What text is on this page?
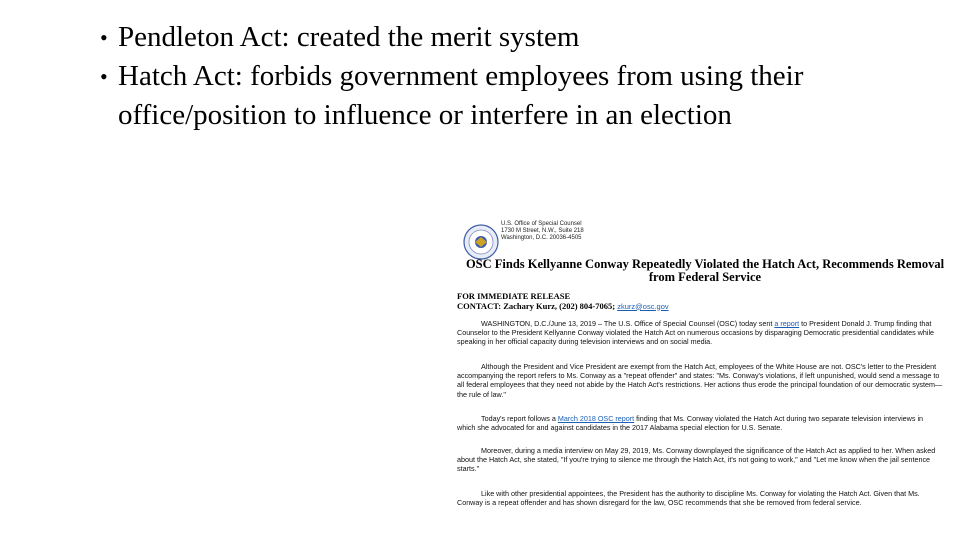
• Pendleton Act: created the merit system
• Hatch Act: forbids government employees from using their office/position to influence or interfere in an election
U.S. Office of Special Counsel
1730 M Street, N.W., Suite 218
Washington, D.C. 20036-4505
OSC Finds Kellyanne Conway Repeatedly Violated the Hatch Act, Recommends Removal from Federal Service
FOR IMMEDIATE RELEASE
CONTACT: Zachary Kurz, (202) 804-7065; zkurz@osc.gov
WASHINGTON, D.C./June 13, 2019 – The U.S. Office of Special Counsel (OSC) today sent a report to President Donald J. Trump finding that Counselor to the President Kellyanne Conway violated the Hatch Act on numerous occasions by disparaging Democratic presidential candidates while speaking in her official capacity during television interviews and on social media.
Although the President and Vice President are exempt from the Hatch Act, employees of the White House are not. OSC's letter to the President accompanying the report refers to Ms. Conway as a "repeat offender" and states: "Ms. Conway's violations, if left unpunished, would send a message to all federal employees that they need not abide by the Hatch Act's restrictions. Her actions thus erode the principal foundation of our democratic system—the rule of law."
Today's report follows a March 2018 OSC report finding that Ms. Conway violated the Hatch Act during two separate television interviews in which she advocated for and against candidates in the 2017 Alabama special election for U.S. Senate.
Moreover, during a media interview on May 29, 2019, Ms. Conway downplayed the significance of the Hatch Act as applied to her. When asked about the Hatch Act, she stated, "If you're trying to silence me through the Hatch Act, it's not going to work," and "Let me know when the jail sentence starts."
Like with other presidential appointees, the President has the authority to discipline Ms. Conway for violating the Hatch Act. Given that Ms. Conway is a repeat offender and has shown disregard for the law, OSC recommends that she be removed from federal service.
